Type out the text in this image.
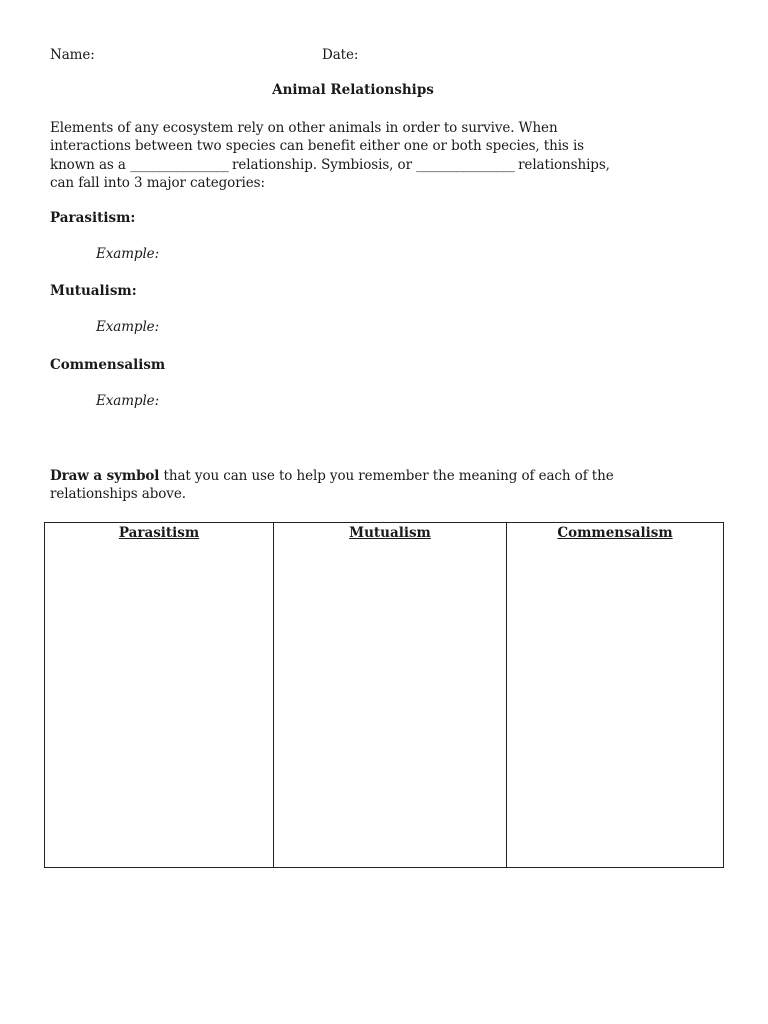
Name:	Date:
Animal Relationships
Elements of any ecosystem rely on other animals in order to survive. When interactions between two species can benefit either one or both species, this is known as a _________________ relationship. Symbiosis, or _________________ relationships, can fall into 3 major categories:
Parasitism:
Example:
Mutualism:
Example:
Commensalism
Example:
Draw a symbol that you can use to help you remember the meaning of each of the relationships above.
Parasitism	Mutualism	Commensalism
